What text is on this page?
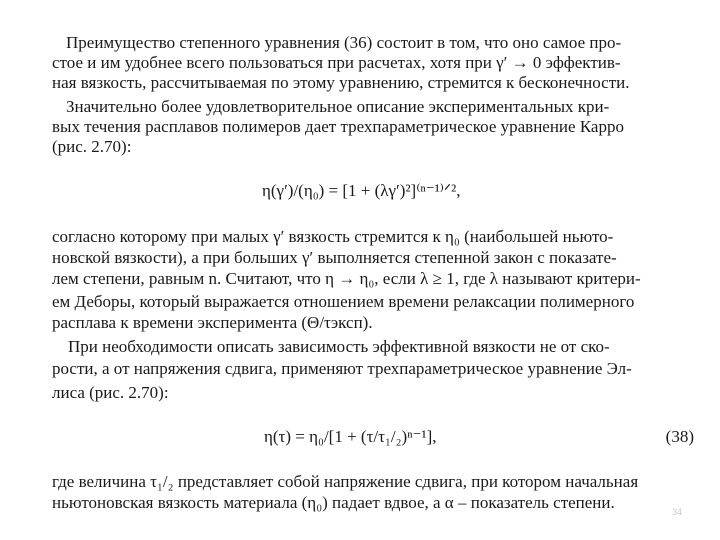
Преимущество степенного уравнения (36) состоит в том, что оно самое про-
стое и им удобнее всего пользоваться при расчетах, хотя при γ′ → 0 эффектив-
ная вязкость, рассчитываемая по этому уравнению, стремится к бесконечности.
Значительно более удовлетворительное описание экспериментальных кри-
вых течения расплавов полимеров дает трехпараметрическое уравнение Карро
(рис. 2.70):
η(γ′)/(η₀) = [1 + (λγ′)²]⁽ⁿ⁻¹⁾ᐟ²,
согласно которому при малых γ′ вязкость стремится к η₀ (наибольшей ньюто-
новской вязкости), а при больших γ′ выполняется степенной закон с показате-
лем степени, равным n. Считают, что η → η₀, если λ ≥ 1, где λ называют критери-
ем Деборы, который выражается отношением времени релаксации полимерного
расплава к времени эксперимента (Θ/τэксп).
При необходимости описать зависимость эффективной вязкости не от ско-
рости, а от напряжения сдвига, применяют трехпараметрическое уравнение Эл-
лиса (рис. 2.70):
η(τ) = η₀/[1 + (τ/τ₁/₂)ⁿ⁻¹],	(38)
где величина τ₁/₂ представляет собой напряжение сдвига, при котором начальная
ньютоновская вязкость материала (η₀) падает вдвое, а α – показатель степени.	34
